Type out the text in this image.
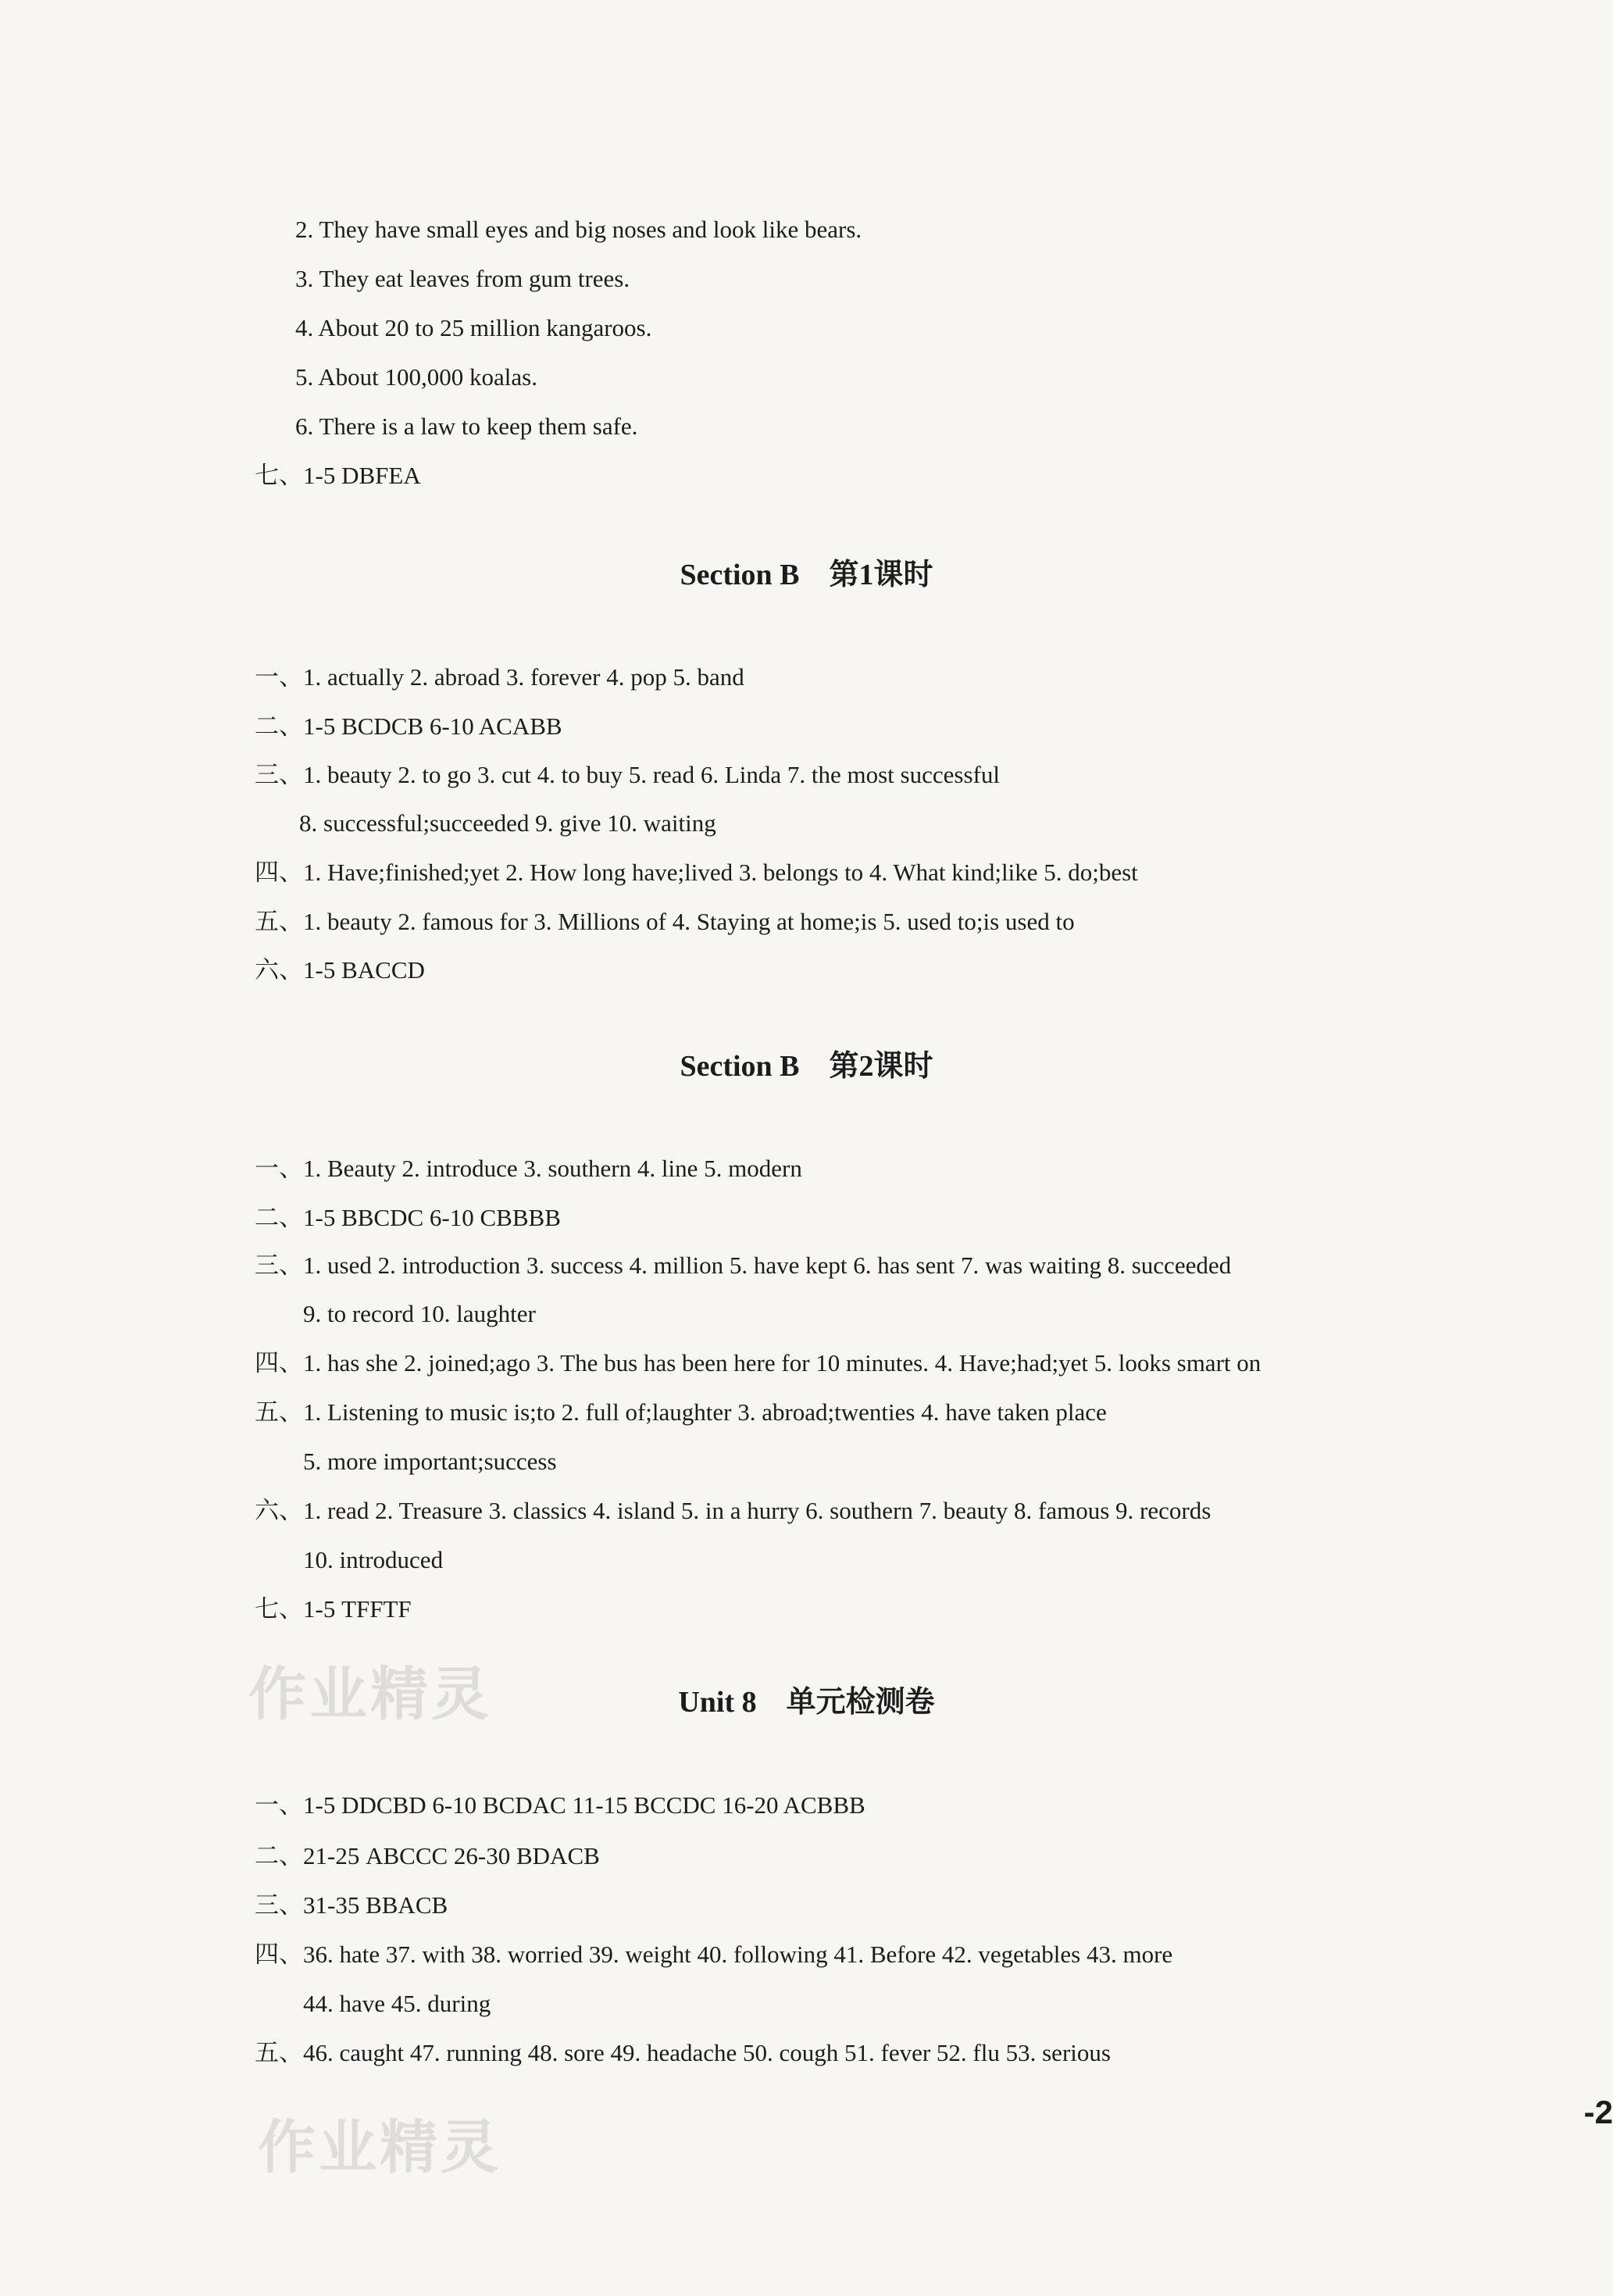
2. They have small eyes and big noses and look like bears.
3. They eat leaves from gum trees.
4. About 20 to 25 million kangaroos.
5. About 100,000 koalas.
6. There is a law to keep them safe.
七、1-5 DBFEA
Section B 第1课时
一、1. actually 2. abroad 3. forever 4. pop 5. band
二、1-5 BCDCB 6-10 ACABB
三、1. beauty 2. to go 3. cut 4. to buy 5. read 6. Linda 7. the most successful
8. successful;succeeded 9. give 10. waiting
四、1. Have;finished;yet 2. How long have;lived 3. belongs to 4. What kind;like 5. do;best
五、1. beauty 2. famous for 3. Millions of 4. Staying at home;is 5. used to;is used to
六、1-5 BACCD
Section B 第2课时
一、1. Beauty 2. introduce 3. southern 4. line 5. modern
二、1-5 BBCDC 6-10 CBBBB
三、1. used 2. introduction 3. success 4. million 5. have kept 6. has sent 7. was waiting 8. succeeded
9. to record 10. laughter
四、1. has she 2. joined;ago 3. The bus has been here for 10 minutes. 4. Have;had;yet 5. looks smart on
五、1. Listening to music is;to 2. full of;laughter 3. abroad;twenties 4. have taken place
5. more important;success
六、1. read 2. Treasure 3. classics 4. island 5. in a hurry 6. southern 7. beauty 8. famous 9. records
10. introduced
七、1-5 TFFTF
Unit 8 单元检测卷
一、1-5 DDCBD 6-10 BCDAC 11-15 BCCDC 16-20 ACBBB
二、21-25 ABCCC 26-30 BDACB
三、31-35 BBACB
四、36. hate 37. with 38. worried 39. weight 40. following 41. Before 42. vegetables 43. more
44. have 45. during
五、46. caught 47. running 48. sore 49. headache 50. cough 51. fever 52. flu 53. serious
作业精灵
作业精灵
-2
